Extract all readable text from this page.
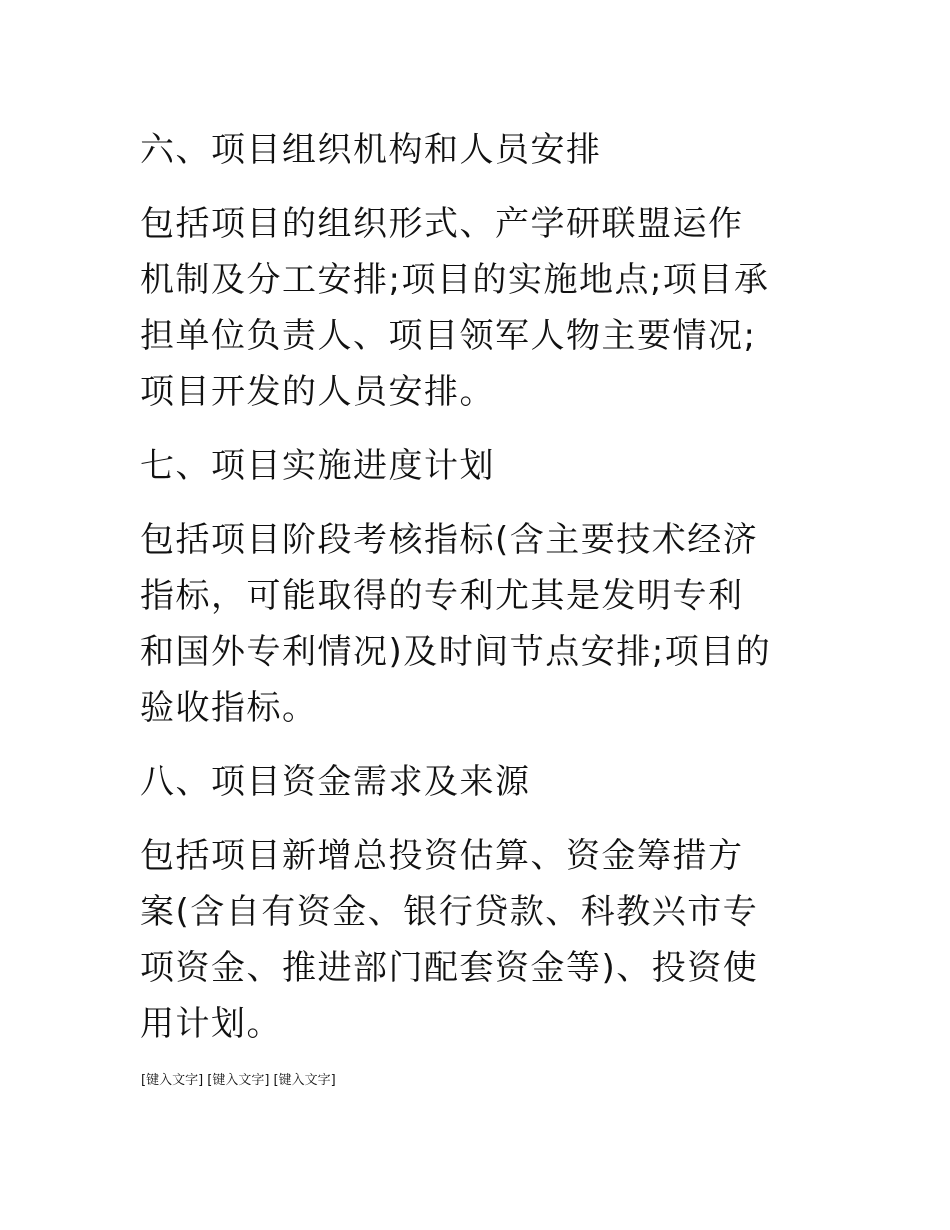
六、项目组织机构和人员安排

包括项目的组织形式、产学研联盟运作
机制及分工安排;项目的实施地点;项目承
担单位负责人、项目领军人物主要情况;
项目开发的人员安排。

七、项目实施进度计划

包括项目阶段考核指标(含主要技术经济
指标，可能取得的专利尤其是发明专利
和国外专利情况)及时间节点安排;项目的
验收指标。

八、项目资金需求及来源

包括项目新增总投资估算、资金筹措方
案(含自有资金、银行贷款、科教兴市专
项资金、推进部门配套资金等)、投资使
用计划。

[键入文字] [键入文字] [键入文字]
